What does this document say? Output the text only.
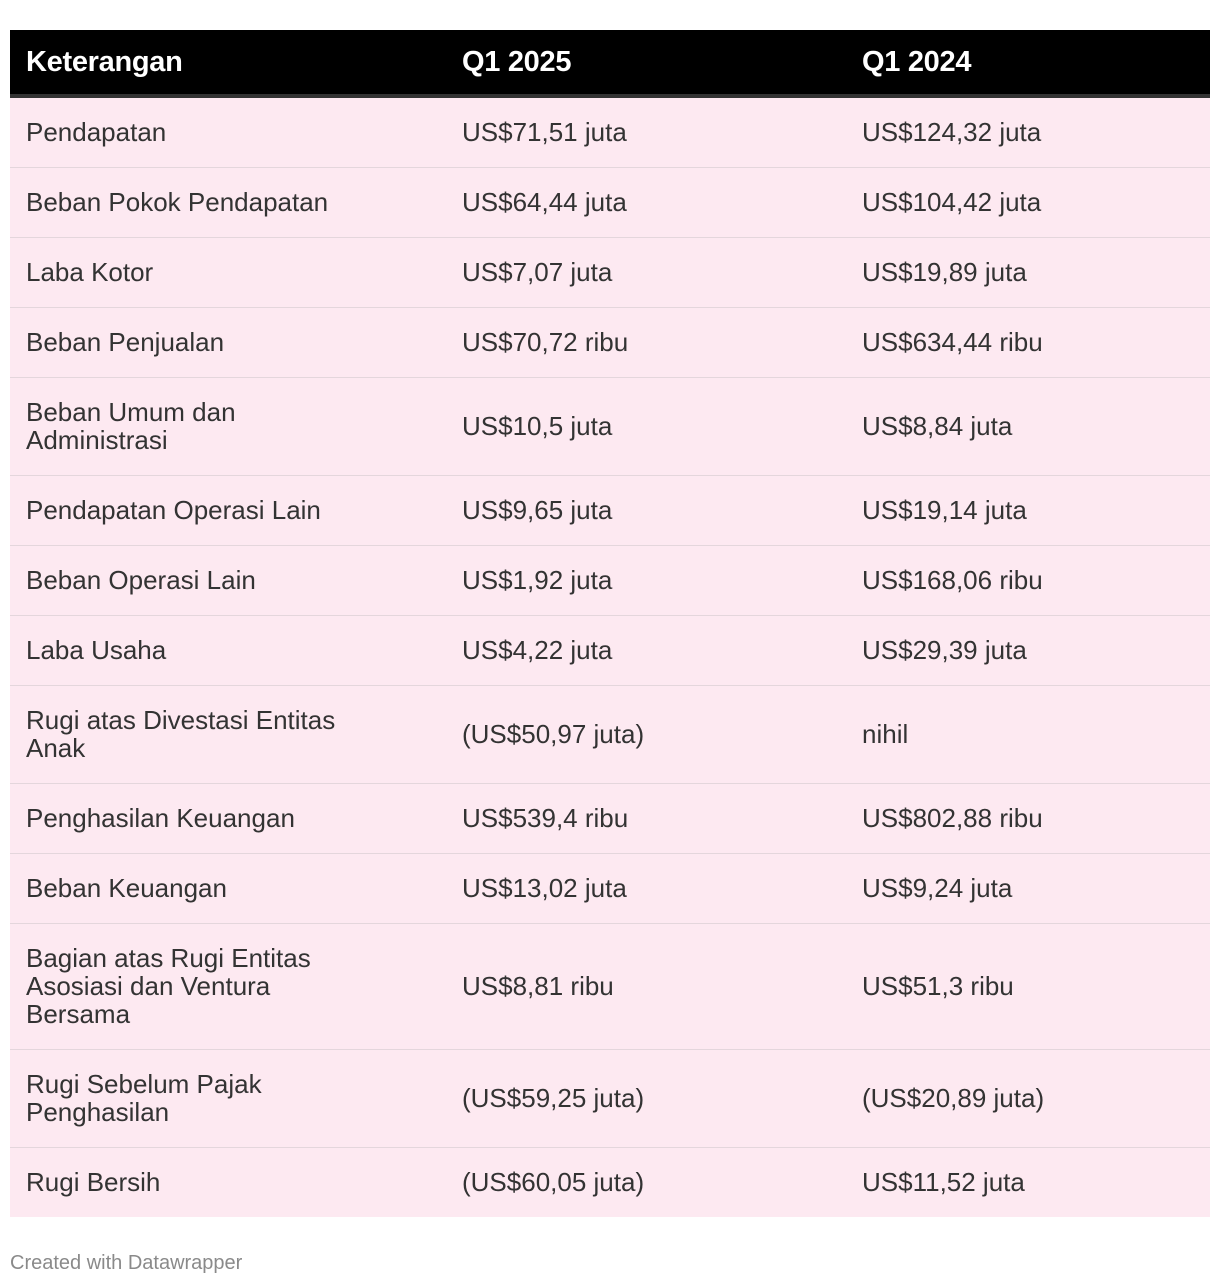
Keterangan	Q1 2025	Q1 2024
Pendapatan	US$71,51 juta	US$124,32 juta
Beban Pokok Pendapatan	US$64,44 juta	US$104,42 juta
Laba Kotor	US$7,07 juta	US$19,89 juta
Beban Penjualan	US$70,72 ribu	US$634,44 ribu
Beban Umum dan Administrasi	US$10,5 juta	US$8,84 juta
Pendapatan Operasi Lain	US$9,65 juta	US$19,14 juta
Beban Operasi Lain	US$1,92 juta	US$168,06 ribu
Laba Usaha	US$4,22 juta	US$29,39 juta
Rugi atas Divestasi Entitas Anak	(US$50,97 juta)	nihil
Penghasilan Keuangan	US$539,4 ribu	US$802,88 ribu
Beban Keuangan	US$13,02 juta	US$9,24 juta
Bagian atas Rugi Entitas Asosiasi dan Ventura Bersama	US$8,81 ribu	US$51,3 ribu
Rugi Sebelum Pajak Penghasilan	(US$59,25 juta)	(US$20,89 juta)
Rugi Bersih	(US$60,05 juta)	US$11,52 juta
Created with Datawrapper
